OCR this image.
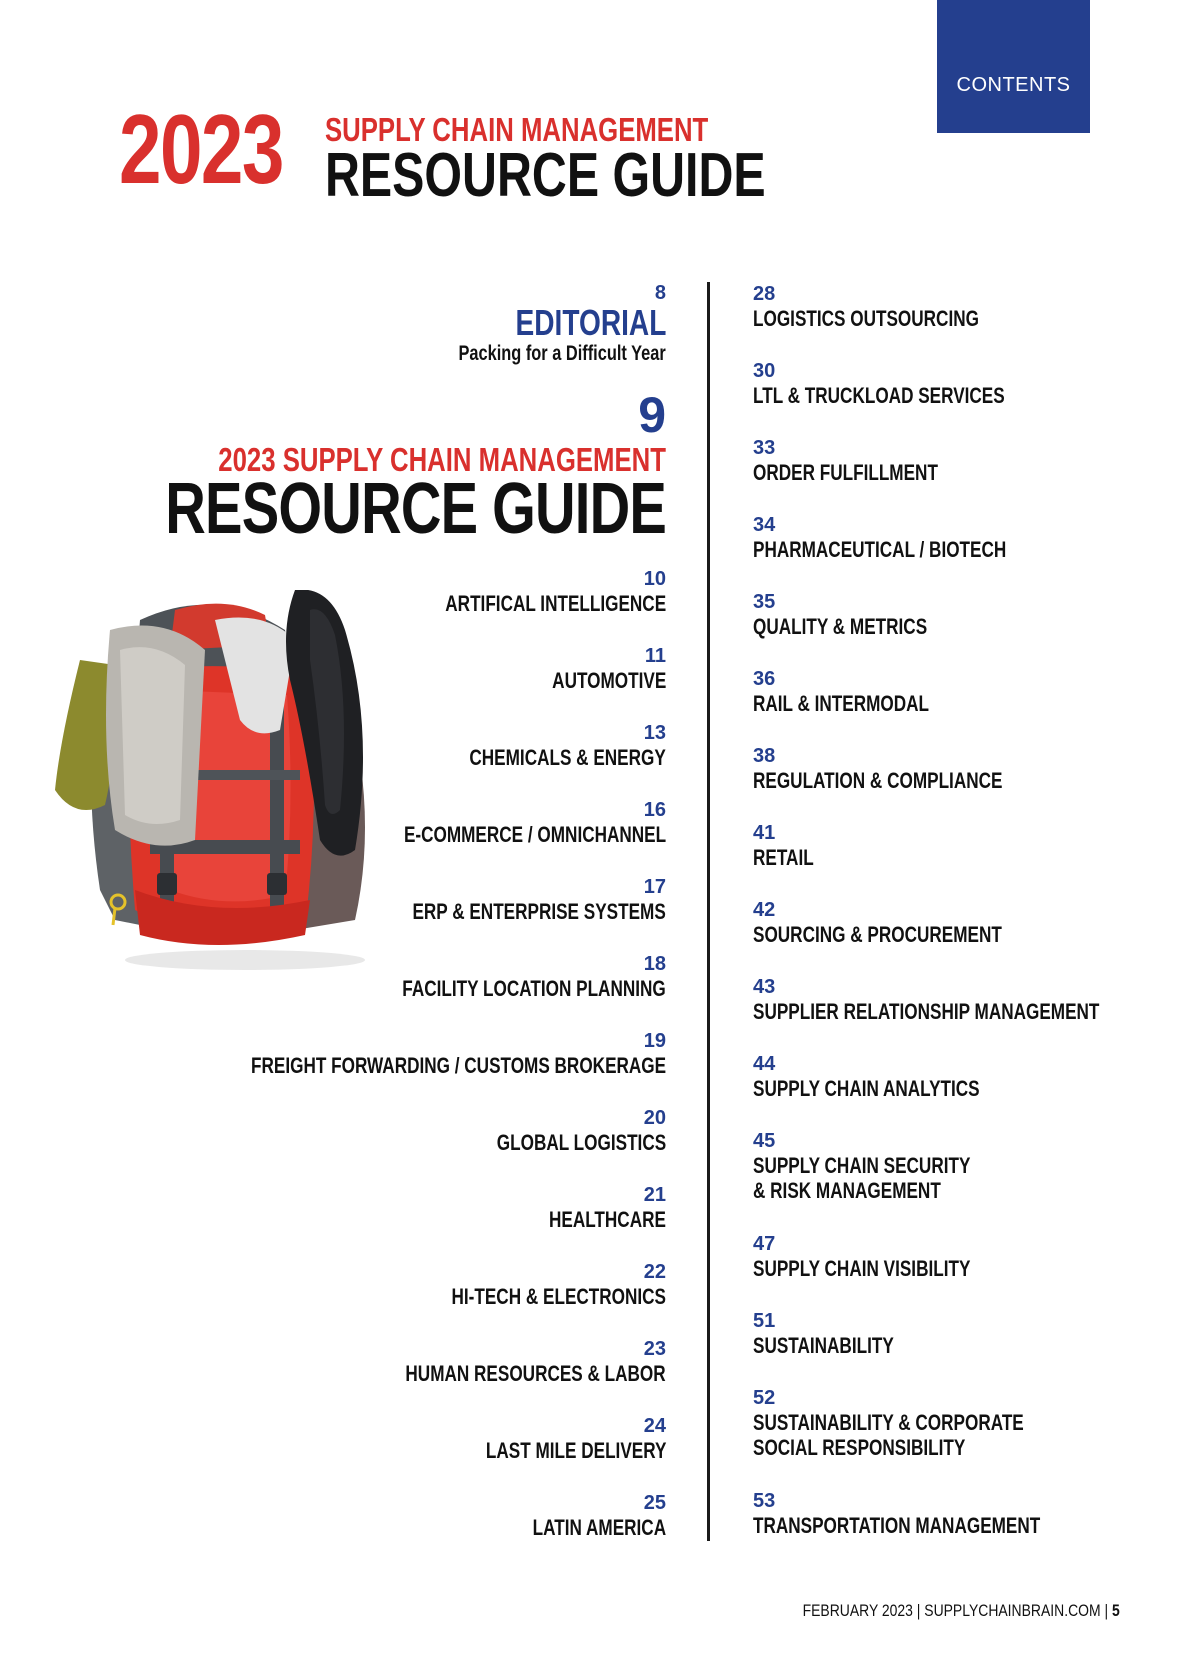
CONTENTS
2023 SUPPLY CHAIN MANAGEMENT
RESOURCE GUIDE
8
EDITORIAL
Packing for a Difficult Year
9
2023 SUPPLY CHAIN MANAGEMENT
RESOURCE GUIDE
10
ARTIFICAL INTELLIGENCE
11
AUTOMOTIVE
13
CHEMICALS & ENERGY
16
E-COMMERCE / OMNICHANNEL
17
ERP & ENTERPRISE SYSTEMS
18
FACILITY LOCATION PLANNING
19
FREIGHT FORWARDING / CUSTOMS BROKERAGE
20
GLOBAL LOGISTICS
21
HEALTHCARE
22
HI-TECH & ELECTRONICS
23
HUMAN RESOURCES & LABOR
24
LAST MILE DELIVERY
25
LATIN AMERICA
28
LOGISTICS OUTSOURCING
30
LTL & TRUCKLOAD SERVICES
33
ORDER FULFILLMENT
34
PHARMACEUTICAL / BIOTECH
35
QUALITY & METRICS
36
RAIL & INTERMODAL
38
REGULATION & COMPLIANCE
41
RETAIL
42
SOURCING & PROCUREMENT
43
SUPPLIER RELATIONSHIP MANAGEMENT
44
SUPPLY CHAIN ANALYTICS
45
SUPPLY CHAIN SECURITY
& RISK MANAGEMENT
47
SUPPLY CHAIN VISIBILITY
51
SUSTAINABILITY
52
SUSTAINABILITY & CORPORATE
SOCIAL RESPONSIBILITY
53
TRANSPORTATION MANAGEMENT
FEBRUARY 2023 | SUPPLYCHAINBRAIN.COM | 5
